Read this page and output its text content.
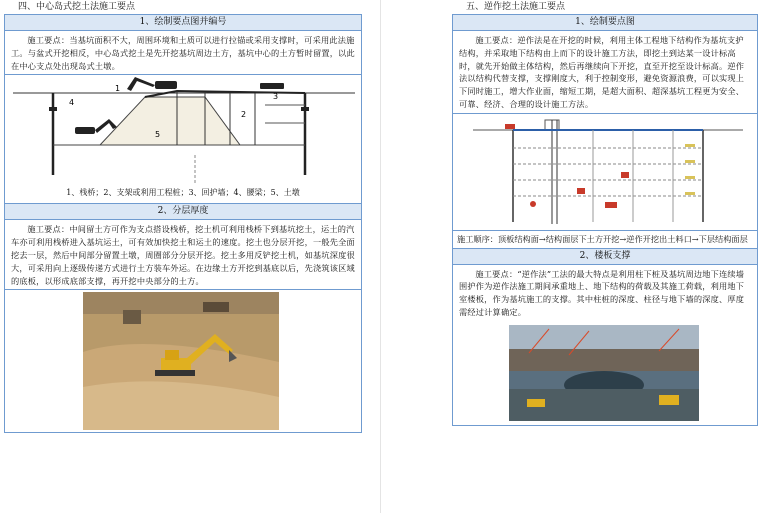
四、中心岛式挖土法施工要点
1、绘制要点图并编号
施工要点：当基坑面积不大，周围环境和土质可以进行拉锚或采用支撑时，可采用此法施工。与盆式开挖相反，中心岛式挖土是先开挖基坑周边土方，基坑中心的土方暂时留置，以此在中心支点处出现岛式土墩。
4
1
5
2
3
1、栈桥；2、支架或利用工程桩；3、回护墙；4、腰梁；5、土墩
2、分层厚度
施工要点：中间留土方可作为支点搭设栈桥，挖土机可利用栈桥下到基坑挖土，运土的汽车亦可利用栈桥进入基坑运土，可有效加快挖土和运土的速度。挖土也分层开挖，一般先全面挖去一层，然后中间部分留置土墩，周圈部分分层开挖。挖土多用反铲挖土机，如基坑深度很大，可采用向上逐级传递方式进行土方装车外运。在边缘土方开挖到基底以后，先浇筑该区域的底板，以形成底部支撑，再开挖中央部分的土方。
五、逆作挖土法施工要点
1、绘制要点图
施工要点：逆作法是在开挖的时候，利用主体工程地下结构作为基坑支护结构，并采取地下结构由上而下的设计施工方法，即挖土到达某一设计标高时，就先开始做主体结构，然后再继续向下开挖，直至开挖至设计标高。逆作法以结构代替支撑，支撑刚度大，利于控制变形，避免资源浪费，可以实现上下同时施工，增大作业面，缩短工期，是超大面积、超深基坑工程更为安全、可靠、经济、合理的设计施工方法。
施工顺序：顶板结构面→结构面层下土方开挖→逆作开挖出土料口→下层结构面层
2、楼板支撑
施工要点：“逆作法”工法的最大特点是利用柱下桩及基坑周边地下连续墙围护作为逆作法施工期间承重地上、地下结构的荷载及其施工荷载，利用地下室楼板，作为基坑施工的支撑。其中柱桩的深度、柱径与地下墙的深度、厚度需经过计算确定。
